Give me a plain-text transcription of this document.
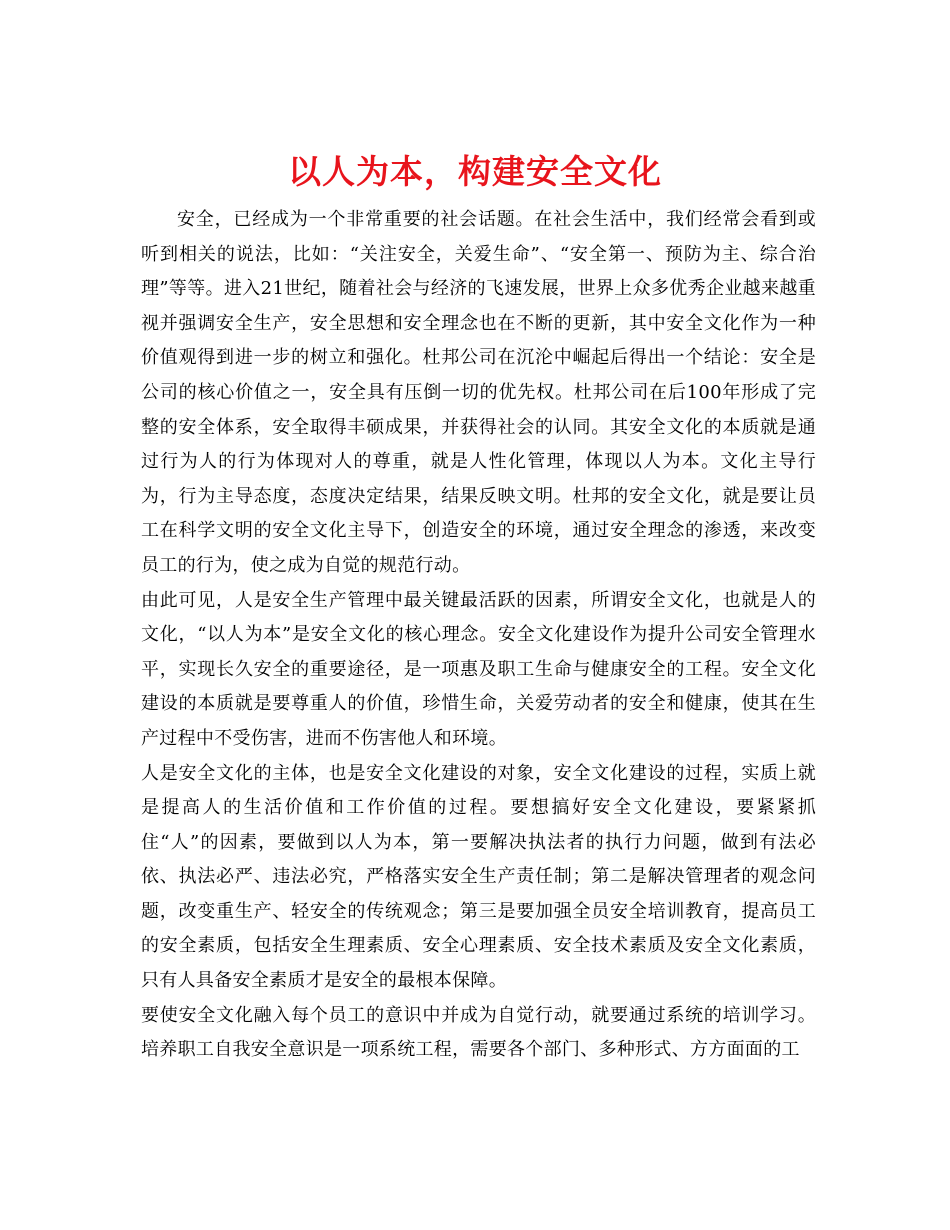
以人为本，构建安全文化

安全，已经成为一个非常重要的社会话题。在社会生活中，我们经常会看到或听到相关的说法，比如：“关注安全，关爱生命”、“安全第一、预防为主、综合治理”等等。进入21世纪，随着社会与经济的飞速发展，世界上众多优秀企业越来越重视并强调安全生产，安全思想和安全理念也在不断的更新，其中安全文化作为一种价值观得到进一步的树立和强化。杜邦公司在沉沦中崛起后得出一个结论：安全是公司的核心价值之一，安全具有压倒一切的优先权。杜邦公司在后100年形成了完整的安全体系，安全取得丰硕成果，并获得社会的认同。其安全文化的本质就是通过行为人的行为体现对人的尊重，就是人性化管理，体现以人为本。文化主导行为，行为主导态度，态度决定结果，结果反映文明。杜邦的安全文化，就是要让员工在科学文明的安全文化主导下，创造安全的环境，通过安全理念的渗透，来改变员工的行为，使之成为自觉的规范行动。

由此可见，人是安全生产管理中最关键最活跃的因素，所谓安全文化，也就是人的文化，“以人为本”是安全文化的核心理念。安全文化建设作为提升公司安全管理水平，实现长久安全的重要途径，是一项惠及职工生命与健康安全的工程。安全文化建设的本质就是要尊重人的价值，珍惜生命，关爱劳动者的安全和健康，使其在生产过程中不受伤害，进而不伤害他人和环境。

人是安全文化的主体，也是安全文化建设的对象，安全文化建设的过程，实质上就是提高人的生活价值和工作价值的过程。要想搞好安全文化建设，要紧紧抓住“人”的因素，要做到以人为本，第一要解决执法者的执行力问题，做到有法必依、执法必严、违法必究，严格落实安全生产责任制；第二是解决管理者的观念问题，改变重生产、轻安全的传统观念；第三是要加强全员安全培训教育，提高员工的安全素质，包括安全生理素质、安全心理素质、安全技术素质及安全文化素质，只有人具备安全素质才是安全的最根本保障。

要使安全文化融入每个员工的意识中并成为自觉行动，就要通过系统的培训学习。培养职工自我安全意识是一项系统工程，需要各个部门、多种形式、方方面面的工
